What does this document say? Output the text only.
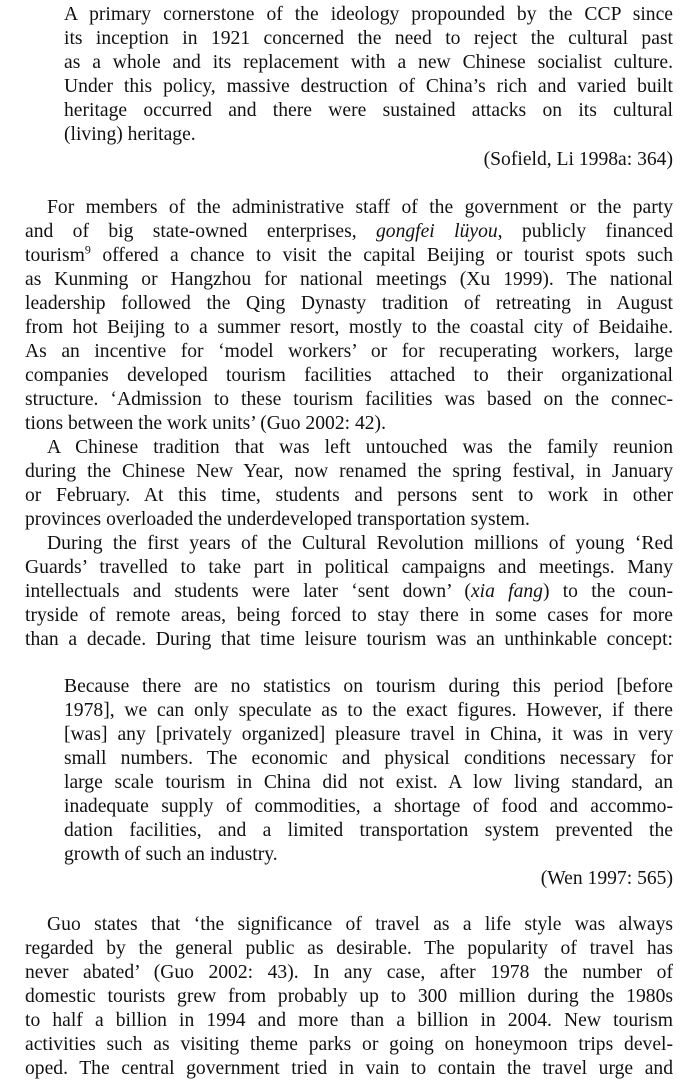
A primary cornerstone of the ideology propounded by the CCP since
its inception in 1921 concerned the need to reject the cultural past
as a whole and its replacement with a new Chinese socialist culture.
Under this policy, massive destruction of China’s rich and varied built
heritage occurred and there were sustained attacks on its cultural
(living) heritage.
(Sofield, Li 1998a: 364)
For members of the administrative staff of the government or the party
and of big state-owned enterprises, gongfei lüyou, publicly financed
tourism$^9$ offered a chance to visit the capital Beijing or tourist spots such
as Kunming or Hangzhou for national meetings (Xu 1999). The national
leadership followed the Qing Dynasty tradition of retreating in August
from hot Beijing to a summer resort, mostly to the coastal city of Beidaihe.
As an incentive for ‘model workers’ or for recuperating workers, large
companies developed tourism facilities attached to their organizational
structure. ‘Admission to these tourism facilities was based on the connec-
tions between the work units’ (Guo 2002: 42).
A Chinese tradition that was left untouched was the family reunion
during the Chinese New Year, now renamed the spring festival, in January
or February. At this time, students and persons sent to work in other
provinces overloaded the underdeveloped transportation system.
During the first years of the Cultural Revolution millions of young ‘Red
Guards’ travelled to take part in political campaigns and meetings. Many
intellectuals and students were later ‘sent down’ (xia fang) to the coun-
tryside of remote areas, being forced to stay there in some cases for more
than a decade. During that time leisure tourism was an unthinkable concept:
Because there are no statistics on tourism during this period [before
1978], we can only speculate as to the exact figures. However, if there
[was] any [privately organized] pleasure travel in China, it was in very
small numbers. The economic and physical conditions necessary for
large scale tourism in China did not exist. A low living standard, an
inadequate supply of commodities, a shortage of food and accommo-
dation facilities, and a limited transportation system prevented the
growth of such an industry.
(Wen 1997: 565)
Guo states that ‘the significance of travel as a life style was always
regarded by the general public as desirable. The popularity of travel has
never abated’ (Guo 2002: 43). In any case, after 1978 the number of
domestic tourists grew from probably up to 300 million during the 1980s
to half a billion in 1994 and more than a billion in 2004. New tourism
activities such as visiting theme parks or going on honeymoon trips devel-
oped. The central government tried in vain to contain the travel urge and
